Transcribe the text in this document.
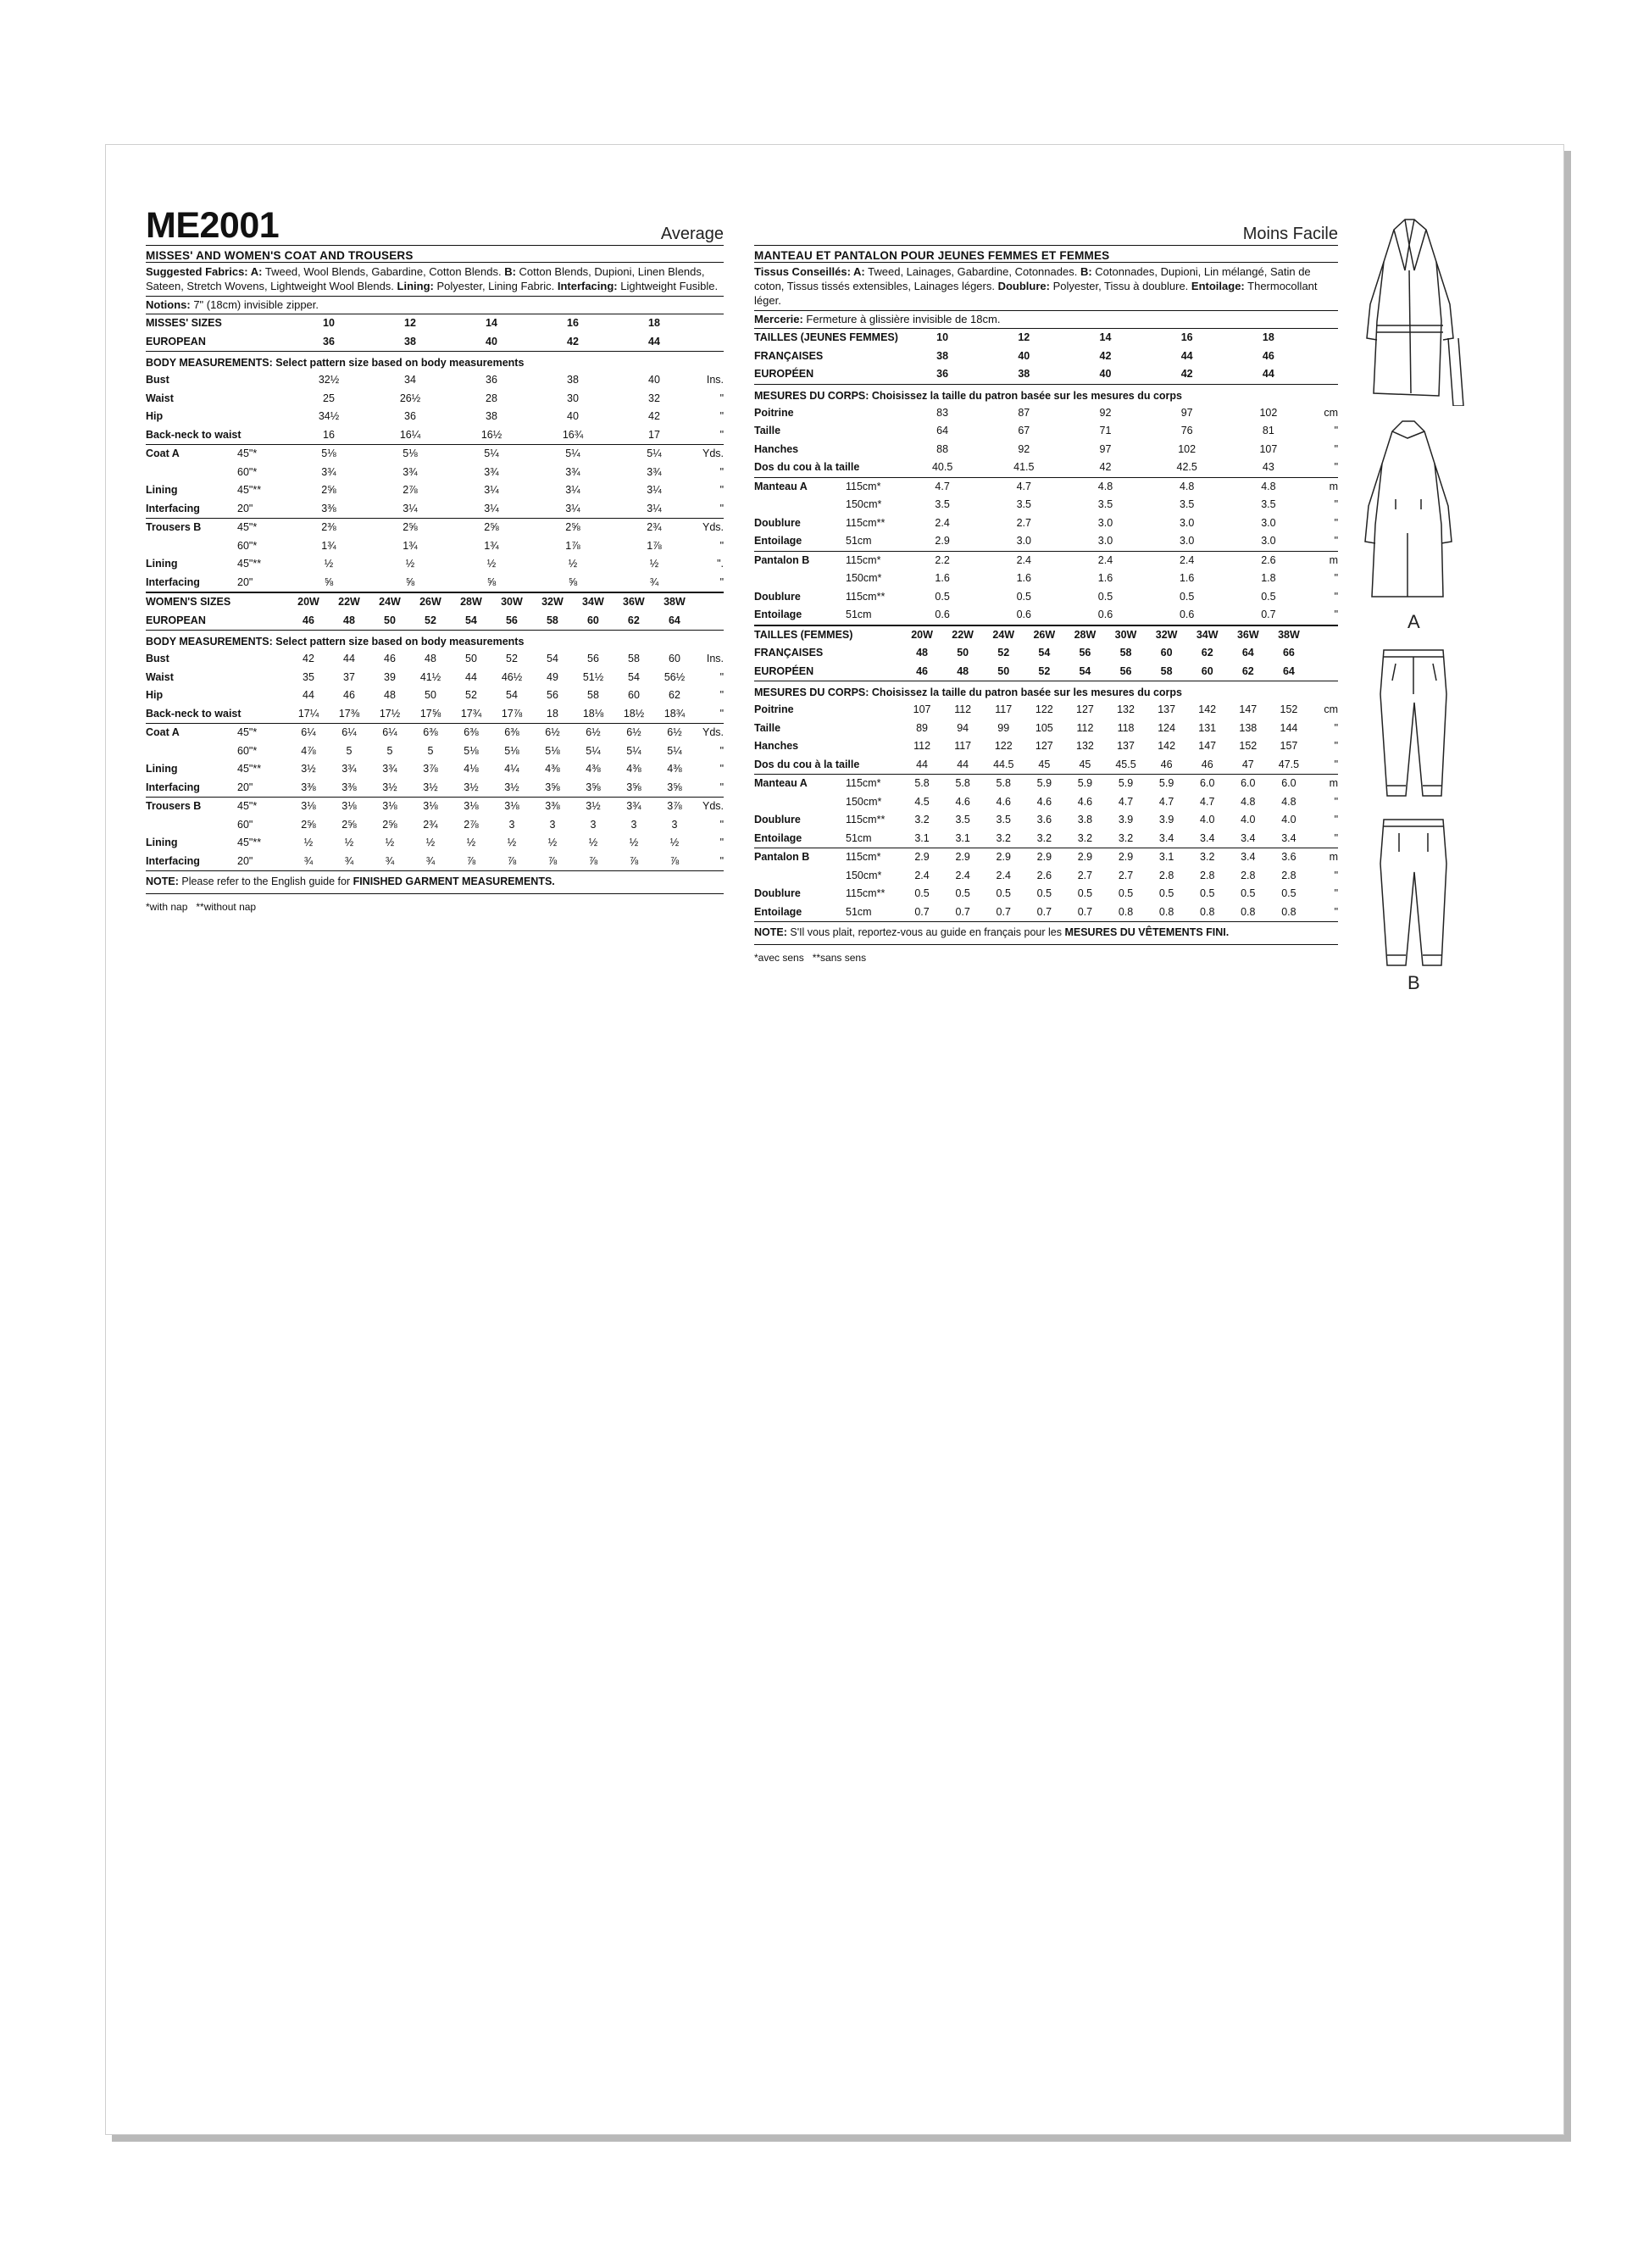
ME2001	Average
MISSES' AND WOMEN'S COAT AND TROUSERS
Suggested Fabrics: A: Tweed, Wool Blends, Gabardine, Cotton Blends. B: Cotton Blends, Dupioni, Linen Blends, Sateen, Stretch Wovens, Lightweight Wool Blends. Lining: Polyester, Lining Fabric. Interfacing: Lightweight Fusible.
Notions: 7" (18cm) invisible zipper.
MISSES' SIZES	10	12	14	16	18	
EUROPEAN	36	38	40	42	44	
BODY MEASUREMENTS: Select pattern size based on body measurements
Bust		32½	34	36	38	40	Ins.
Waist		25	26½	28	30	32	"
Hip		34½	36	38	40	42	"
Back-neck to waist		16	16¼	16½	16¾	17	"
Coat A	45"*	5⅛	5⅛	5¼	5¼	5¼	Yds.
	60"*	3¾	3¾	3¾	3¾	3¾	"
Lining	45"**	2⅝	2⅞	3¼	3¼	3¼	"
Interfacing	20"	3⅜	3¼	3¼	3¼	3¼	"
Trousers B	45"*	2⅜	2⅝	2⅝	2⅝	2¾	Yds.
	60"*	1¾	1¾	1¾	1⅞	1⅞	"
Lining	45"**	½	½	½	½	½	".
Interfacing	20"	⅝	⅝	⅝	⅝	¾	"
WOMEN'S SIZES	20W	22W	24W	26W	28W	30W	32W	34W	36W	38W	
EUROPEAN	46	48	50	52	54	56	58	60	62	64	
BODY MEASUREMENTS: Select pattern size based on body measurements
Bust		42	44	46	48	50	52	54	56	58	60	Ins.
Waist		35	37	39	41½	44	46½	49	51½	54	56½	"
Hip		44	46	48	50	52	54	56	58	60	62	"
Back-neck to waist		17¼	17⅜	17½	17⅝	17¾	17⅞	18	18⅛	18½	18¾	"
Coat A	45"*	6¼	6¼	6¼	6⅜	6⅜	6⅜	6½	6½	6½	6½	Yds.
	60"*	4⅞	5	5	5	5⅛	5⅛	5⅛	5¼	5¼	5¼	"
Lining	45"**	3½	3¾	3¾	3⅞	4⅛	4¼	4⅜	4⅜	4⅜	4⅜	"
Interfacing	20"	3⅜	3⅜	3½	3½	3½	3½	3⅝	3⅝	3⅝	3⅝	"
Trousers B	45"*	3⅛	3⅛	3⅛	3⅛	3⅛	3⅛	3⅜	3½	3¾	3⅞	Yds.
	60"	2⅝	2⅝	2⅝	2¾	2⅞	3	3	3	3	3	"
Lining	45"**	½	½	½	½	½	½	½	½	½	½	"
Interfacing	20"	¾	¾	¾	¾	⅞	⅞	⅞	⅞	⅞	⅞	"
NOTE: Please refer to the English guide for FINISHED GARMENT MEASUREMENTS.
*with nap   **without nap
Moins Facile
MANTEAU ET PANTALON POUR JEUNES FEMMES ET FEMMES
Tissus Conseillés: A: Tweed, Lainages, Gabardine, Cotonnades. B: Cotonnades, Dupioni, Lin mélangé, Satin de coton, Tissus tissés extensibles, Lainages légers. Doublure: Polyester, Tissu à doublure. Entoilage: Thermocollant léger.
Mercerie: Fermeture à glissière invisible de 18cm.
TAILLES (JEUNES FEMMES)	10	12	14	16	18	
FRANÇAISES	38	40	42	44	46	
EUROPÉEN	36	38	40	42	44	
MESURES DU CORPS: Choisissez la taille du patron basée sur les mesures du corps
Poitrine		83	87	92	97	102	cm
Taille		64	67	71	76	81	"
Hanches		88	92	97	102	107	"
Dos du cou à la taille		40.5	41.5	42	42.5	43	"
Manteau A	115cm*	4.7	4.7	4.8	4.8	4.8	m
	150cm*	3.5	3.5	3.5	3.5	3.5	"
Doublure	115cm**	2.4	2.7	3.0	3.0	3.0	"
Entoilage	51cm	2.9	3.0	3.0	3.0	3.0	"
Pantalon B	115cm*	2.2	2.4	2.4	2.4	2.6	m
	150cm*	1.6	1.6	1.6	1.6	1.8	"
Doublure	115cm**	0.5	0.5	0.5	0.5	0.5	"
Entoilage	51cm	0.6	0.6	0.6	0.6	0.7	"
TAILLES (FEMMES)	20W	22W	24W	26W	28W	30W	32W	34W	36W	38W	
FRANÇAISES	48	50	52	54	56	58	60	62	64	66	
EUROPÉEN	46	48	50	52	54	56	58	60	62	64	
MESURES DU CORPS: Choisissez la taille du patron basée sur les mesures du corps
Poitrine		107	112	117	122	127	132	137	142	147	152	cm
Taille		89	94	99	105	112	118	124	131	138	144	"
Hanches		112	117	122	127	132	137	142	147	152	157	"
Dos du cou à la taille		44	44	44.5	45	45	45.5	46	46	47	47.5	"
Manteau A	115cm*	5.8	5.8	5.8	5.9	5.9	5.9	5.9	6.0	6.0	6.0	m
	150cm*	4.5	4.6	4.6	4.6	4.6	4.7	4.7	4.7	4.8	4.8	"
Doublure	115cm**	3.2	3.5	3.5	3.6	3.8	3.9	3.9	4.0	4.0	4.0	"
Entoilage	51cm	3.1	3.1	3.2	3.2	3.2	3.2	3.4	3.4	3.4	3.4	"
Pantalon B	115cm*	2.9	2.9	2.9	2.9	2.9	2.9	3.1	3.2	3.4	3.6	m
	150cm*	2.4	2.4	2.4	2.6	2.7	2.7	2.8	2.8	2.8	2.8	"
Doublure	115cm**	0.5	0.5	0.5	0.5	0.5	0.5	0.5	0.5	0.5	0.5	"
Entoilage	51cm	0.7	0.7	0.7	0.7	0.7	0.8	0.8	0.8	0.8	0.8	"
NOTE: S'Il vous plait, reportez-vous au guide en français pour les MESURES DU VÊTEMENTS FINI.
*avec sens   **sans sens
A
B
